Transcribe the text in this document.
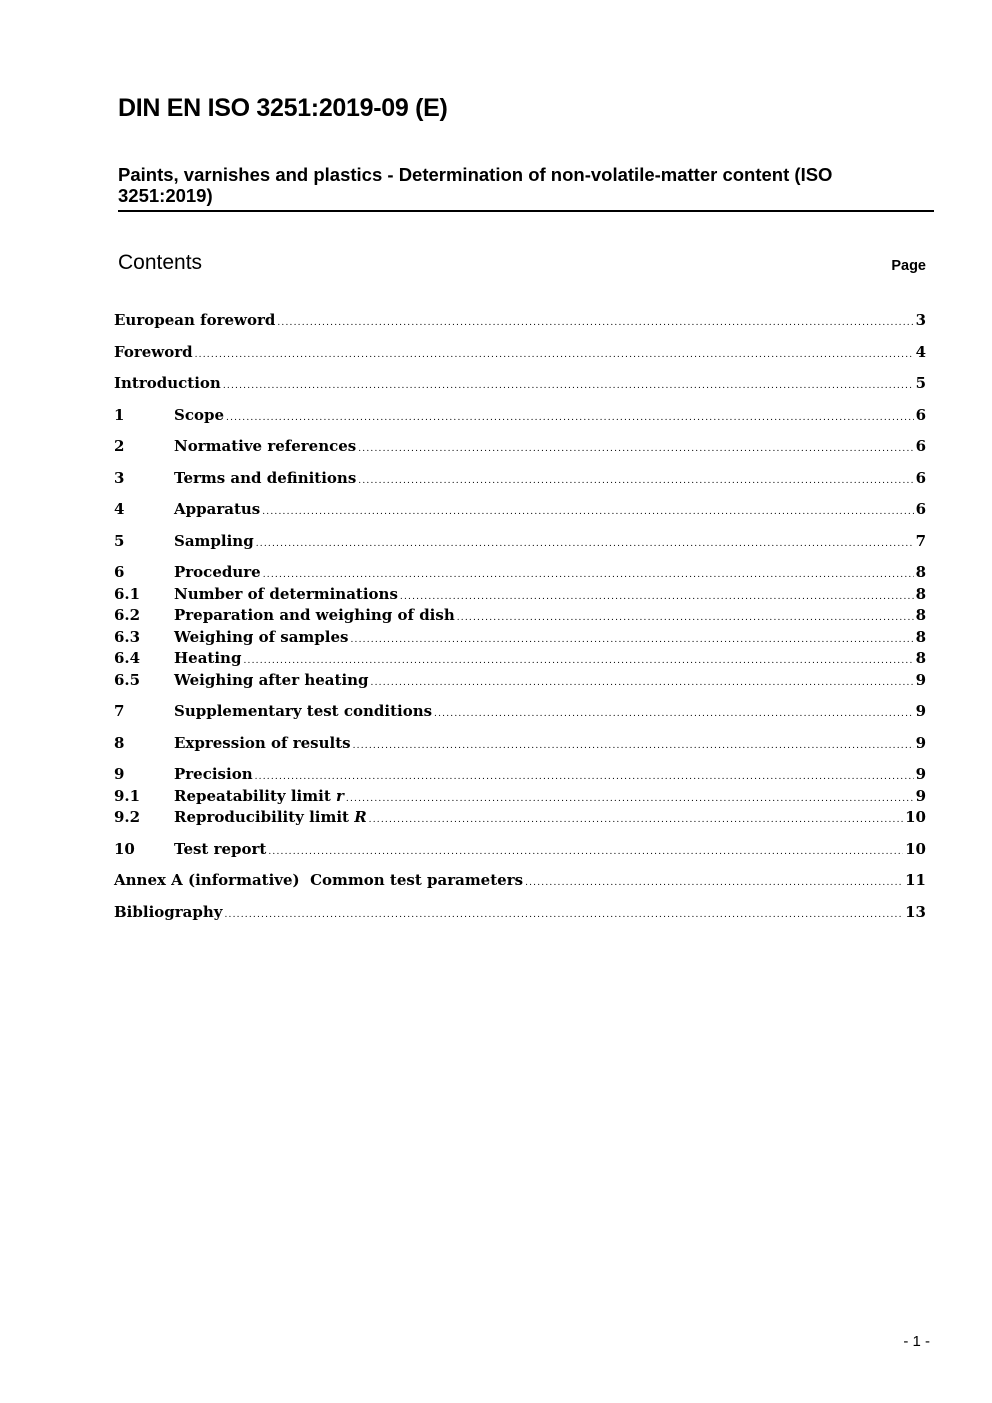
DIN EN ISO 3251:2019-09 (E)
Paints, varnishes and plastics - Determination of non-volatile-matter content (ISO 3251:2019)
Contents	Page
European foreword .....	3
Foreword .....	4
Introduction .....	5
1	Scope .....	6
2	Normative references .....	6
3	Terms and definitions .....	6
4	Apparatus .....	6
5	Sampling .....	7
6	Procedure .....	8
6.1	Number of determinations .....	8
6.2	Preparation and weighing of dish .....	8
6.3	Weighing of samples .....	8
6.4	Heating .....	8
6.5	Weighing after heating .....	9
7	Supplementary test conditions .....	9
8	Expression of results .....	9
9	Precision .....	9
9.1	Repeatability limit r .....	9
9.2	Reproducibility limit R .....	10
10	Test report .....	10
Annex A (informative)  Common test parameters .....	11
Bibliography .....	13
- 1 -
